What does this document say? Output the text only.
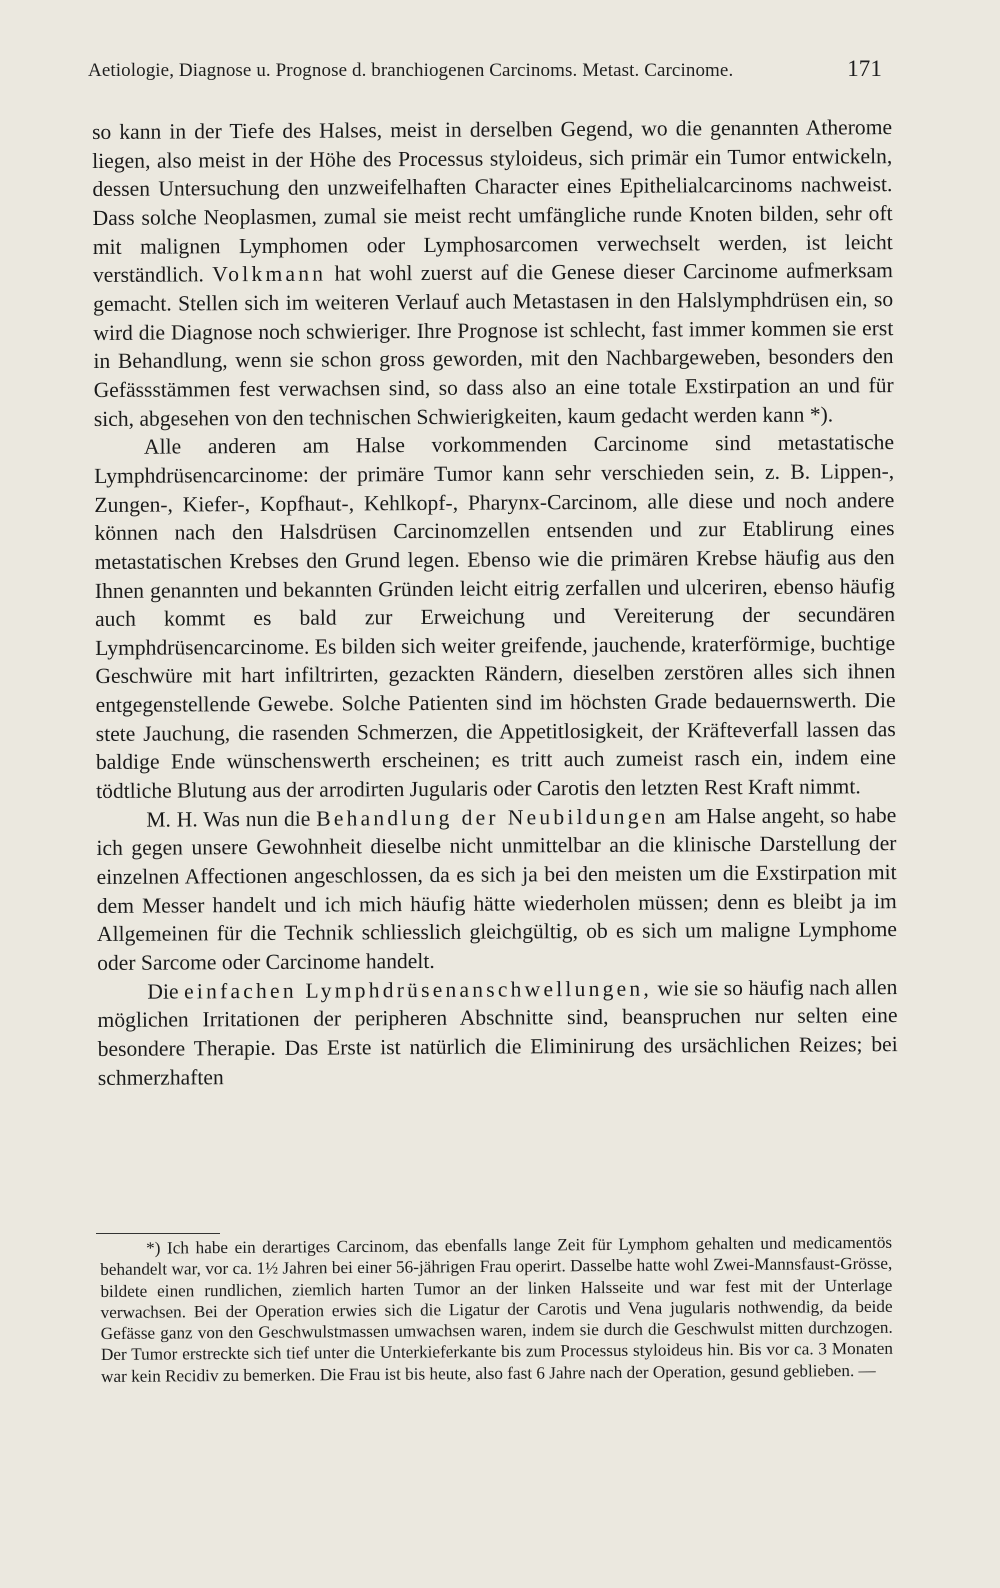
Aetiologie, Diagnose u. Prognose d. branchiogenen Carcinoms. Metast. Carcinome.	171

so kann in der Tiefe des Halses, meist in derselben Gegend, wo die genannten Atherome liegen, also meist in der Höhe des Processus styloideus, sich primär ein Tumor entwickeln, dessen Untersuchung den unzweifelhaften Character eines Epithelialcarcinoms nachweist. Dass solche Neoplasmen, zumal sie meist recht umfängliche runde Knoten bilden, sehr oft mit malignen Lymphomen oder Lymphosarcomen verwechselt werden, ist leicht verständlich. Volkmann hat wohl zuerst auf die Genese dieser Carcinome aufmerksam gemacht. Stellen sich im weiteren Verlauf auch Metastasen in den Halslymphdrüsen ein, so wird die Diagnose noch schwieriger. Ihre Prognose ist schlecht, fast immer kommen sie erst in Behandlung, wenn sie schon gross geworden, mit den Nachbargeweben, besonders den Gefässstämmen fest verwachsen sind, so dass also an eine totale Exstirpation an und für sich, abgesehen von den technischen Schwierigkeiten, kaum gedacht werden kann *).

Alle anderen am Halse vorkommenden Carcinome sind metastatische Lymphdrüsencarcinome: der primäre Tumor kann sehr verschieden sein, z. B. Lippen-, Zungen-, Kiefer-, Kopfhaut-, Kehlkopf-, Pharynx-Carcinom, alle diese und noch andere können nach den Halsdrüsen Carcinomzellen entsenden und zur Etablirung eines metastatischen Krebses den Grund legen. Ebenso wie die primären Krebse häufig aus den Ihnen genannten und bekannten Gründen leicht eitrig zerfallen und ulceriren, ebenso häufig auch kommt es bald zur Erweichung und Vereiterung der secundären Lymphdrüsencarcinome. Es bilden sich weiter greifende, jauchende, kraterförmige, buchtige Geschwüre mit hart infiltrirten, gezackten Rändern, dieselben zerstören alles sich ihnen entgegenstellende Gewebe. Solche Patienten sind im höchsten Grade bedauernswerth. Die stete Jauchung, die rasenden Schmerzen, die Appetitlosigkeit, der Kräfteverfall lassen das baldige Ende wünschenswerth erscheinen; es tritt auch zumeist rasch ein, indem eine tödtliche Blutung aus der arrodirten Jugularis oder Carotis den letzten Rest Kraft nimmt.

M. H. Was nun die Behandlung der Neubildungen am Halse angeht, so habe ich gegen unsere Gewohnheit dieselbe nicht unmittelbar an die klinische Darstellung der einzelnen Affectionen angeschlossen, da es sich ja bei den meisten um die Exstirpation mit dem Messer handelt und ich mich häufig hätte wiederholen müssen; denn es bleibt ja im Allgemeinen für die Technik schliesslich gleichgültig, ob es sich um maligne Lymphome oder Sarcome oder Carcinome handelt.

Die einfachen Lymphdrüsenanschwellungen, wie sie so häufig nach allen möglichen Irritationen der peripheren Abschnitte sind, beanspruchen nur selten eine besondere Therapie. Das Erste ist natürlich die Eliminirung des ursächlichen Reizes; bei schmerzhaften

*) Ich habe ein derartiges Carcinom, das ebenfalls lange Zeit für Lymphom gehalten und medicamentös behandelt war, vor ca. 1½ Jahren bei einer 56-jährigen Frau operirt. Dasselbe hatte wohl Zwei-Mannsfaust-Grösse, bildete einen rundlichen, ziemlich harten Tumor an der linken Halsseite und war fest mit der Unterlage verwachsen. Bei der Operation erwies sich die Ligatur der Carotis und Vena jugularis nothwendig, da beide Gefässe ganz von den Geschwulstmassen umwachsen waren, indem sie durch die Geschwulst mitten durchzogen. Der Tumor erstreckte sich tief unter die Unterkieferkante bis zum Processus styloideus hin. Bis vor ca. 3 Monaten war kein Recidiv zu bemerken. Die Frau ist bis heute, also fast 6 Jahre nach der Operation, gesund geblieben. —
